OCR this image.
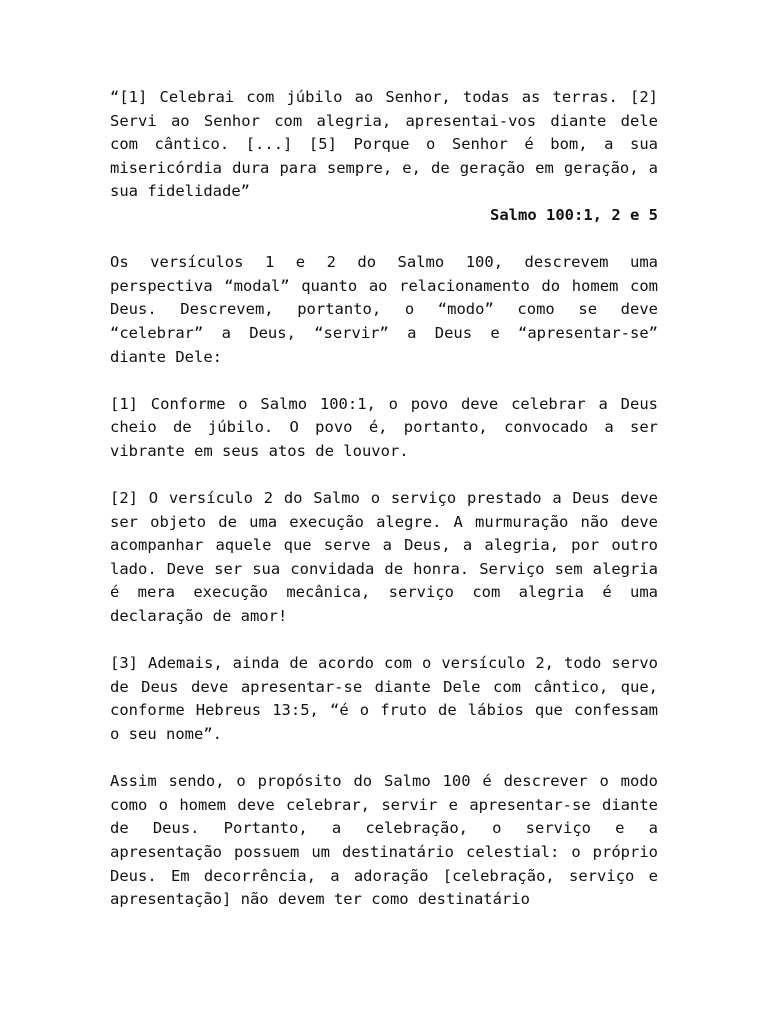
“[1] Celebrai com júbilo ao Senhor, todas as terras. [2] Servi ao Senhor com alegria, apresentai-vos diante dele com cântico. [...] [5] Porque o Senhor é bom, a sua misericórdia dura para sempre, e, de geração em geração, a sua fidelidade”

Salmo 100:1, 2 e 5

Os versículos 1 e 2 do Salmo 100, descrevem uma perspectiva “modal” quanto ao relacionamento do homem com Deus. Descrevem, portanto, o “modo” como se deve “celebrar” a Deus, “servir” a Deus e “apresentar-se” diante Dele:

[1] Conforme o Salmo 100:1, o povo deve celebrar a Deus cheio de júbilo. O povo é, portanto, convocado a ser vibrante em seus atos de louvor.

[2] O versículo 2 do Salmo o serviço prestado a Deus deve ser objeto de uma execução alegre. A murmuração não deve acompanhar aquele que serve a Deus, a alegria, por outro lado. Deve ser sua convidada de honra. Serviço sem alegria é mera execução mecânica, serviço com alegria é uma declaração de amor!

[3] Ademais, ainda de acordo com o versículo 2, todo servo de Deus deve apresentar-se diante Dele com cântico, que, conforme Hebreus 13:5, “é o fruto de lábios que confessam o seu nome”.

Assim sendo, o propósito do Salmo 100 é descrever o modo como o homem deve celebrar, servir e apresentar-se diante de Deus. Portanto, a celebração, o serviço e a apresentação possuem um destinatário celestial: o próprio Deus. Em decorrência, a adoração [celebração, serviço e apresentação] não devem ter como destinatário
